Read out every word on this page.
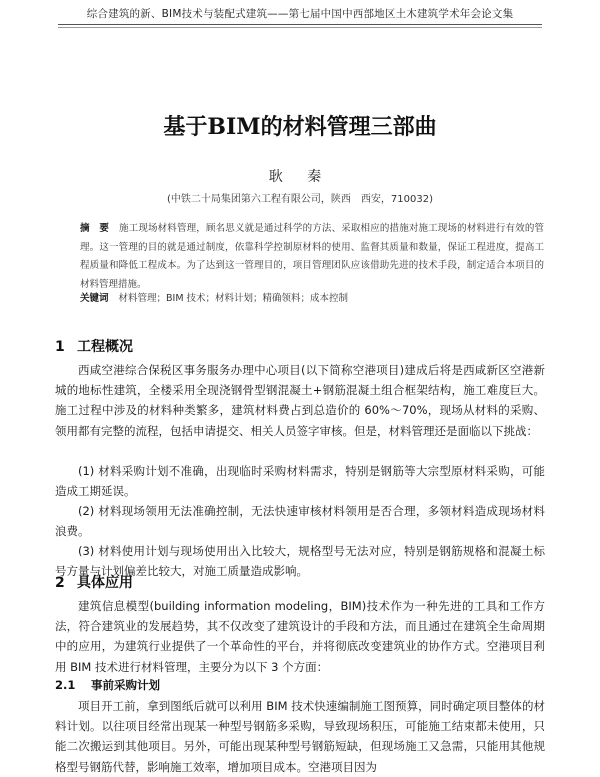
综合建筑的新、BIM技术与装配式建筑——第七届中国中西部地区土木建筑学术年会论文集
基于BIM的材料管理三部曲
耿 秦
(中铁二十局集团第六工程有限公司，陕西　西安，710032)
摘　要 施工现场材料管理，顾名思义就是通过科学的方法、采取相应的措施对施工现场的材料进行有效的管理。这一管理的目的就是通过制度，依靠科学控制原材料的使用、监督其质量和数量，保证工程进度，提高工程质量和降低工程成本。为了达到这一管理目的，项目管理团队应该借助先进的技术手段，制定适合本项目的材料管理措施。
关键词 材料管理；BIM 技术；材料计划；精确领料；成本控制
1 工程概况
西咸空港综合保税区事务服务办理中心项目(以下简称空港项目)建成后将是西咸新区空港新城的地标性建筑，全楼采用全现浇钢骨型钢混凝土+钢筋混凝土组合框架结构，施工难度巨大。施工过程中涉及的材料种类繁多，建筑材料费占到总造价的 60%～70%，现场从材料的采购、领用都有完整的流程，包括申请提交、相关人员签字审核。但是，材料管理还是面临以下挑战：
(1) 材料采购计划不准确，出现临时采购材料需求，特别是钢筋等大宗型原材料采购，可能造成工期延误。
(2) 材料现场领用无法准确控制，无法快速审核材料领用是否合理，多领材料造成现场材料浪费。
(3) 材料使用计划与现场使用出入比较大，规格型号无法对应，特别是钢筋规格和混凝土标号方量与计划偏差比较大，对施工质量造成影响。
2 具体应用
建筑信息模型(building information modeling，BIM)技术作为一种先进的工具和工作方法，符合建筑业的发展趋势，其不仅改变了建筑设计的手段和方法，而且通过在建筑全生命周期中的应用，为建筑行业提供了一个革命性的平台，并将彻底改变建筑业的协作方式。空港项目利用 BIM 技术进行材料管理，主要分为以下 3 个方面：
2.1 事前采购计划
项目开工前，拿到图纸后就可以利用 BIM 技术快速编制施工图预算，同时确定项目整体的材料计划。以往项目经常出现某一种型号钢筋多采购，导致现场积压，可能施工结束都未使用，只能二次搬运到其他项目。另外，可能出现某种型号钢筋短缺，但现场施工又急需，只能用其他规格型号钢筋代替，影响施工效率，增加项目成本。空港项目因为
